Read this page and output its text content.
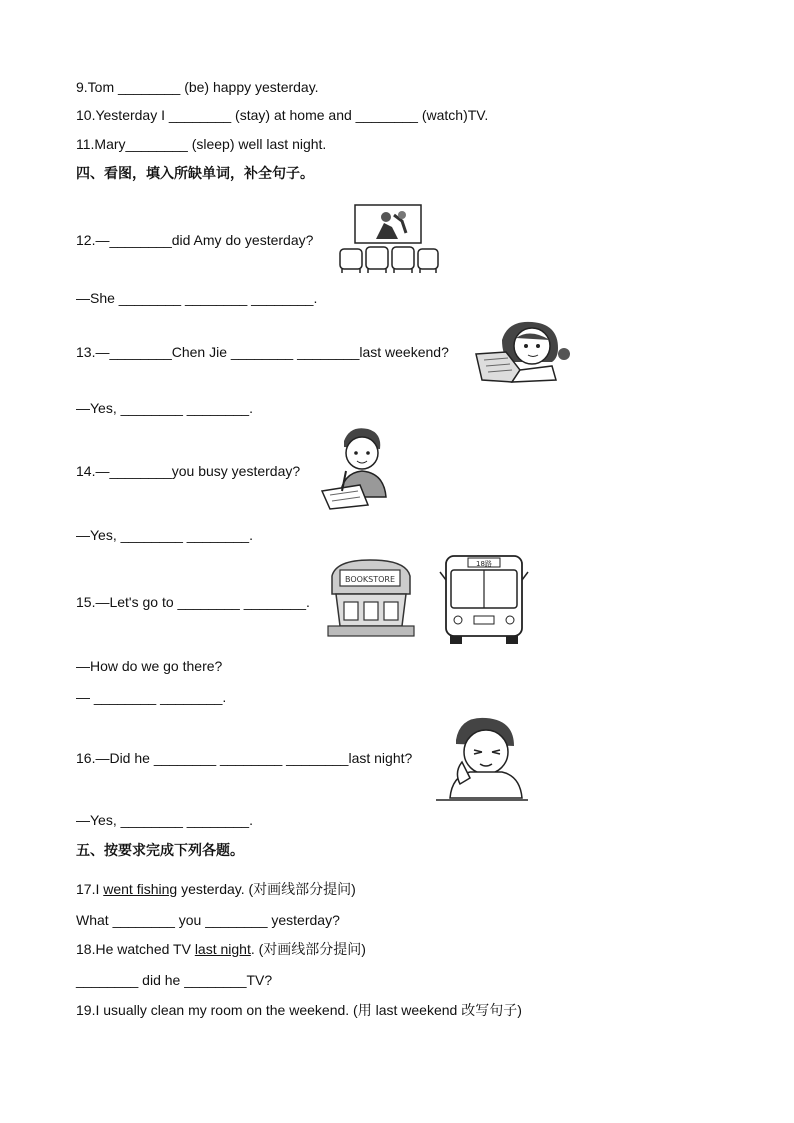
9.Tom ________ (be) happy yesterday.
10.Yesterday I ________ (stay) at home and ________ (watch)TV.
11.Mary________ (sleep) well last night.
四、看图，填入所缺单词，补全句子。
12.—________did Amy do yesterday?
—She ________ ________ ________.
13.—________Chen Jie ________ ________last weekend?
—Yes, ________ ________.
14.—________you busy yesterday?
—Yes, ________ ________.
15.—Let's go to ________ ________.
—How do we go there?
— ________ ________.
16.—Did he ________ ________ ________last night?
—Yes, ________ ________.
五、按要求完成下列各题。
17.I went fishing yesterday. (对画线部分提问)
What ________ you ________ yesterday?
18.He watched TV last night. (对画线部分提问)
________ did he ________TV?
19.I usually clean my room on the weekend. (用 last weekend 改写句子)
BOOKSTORE
18路
